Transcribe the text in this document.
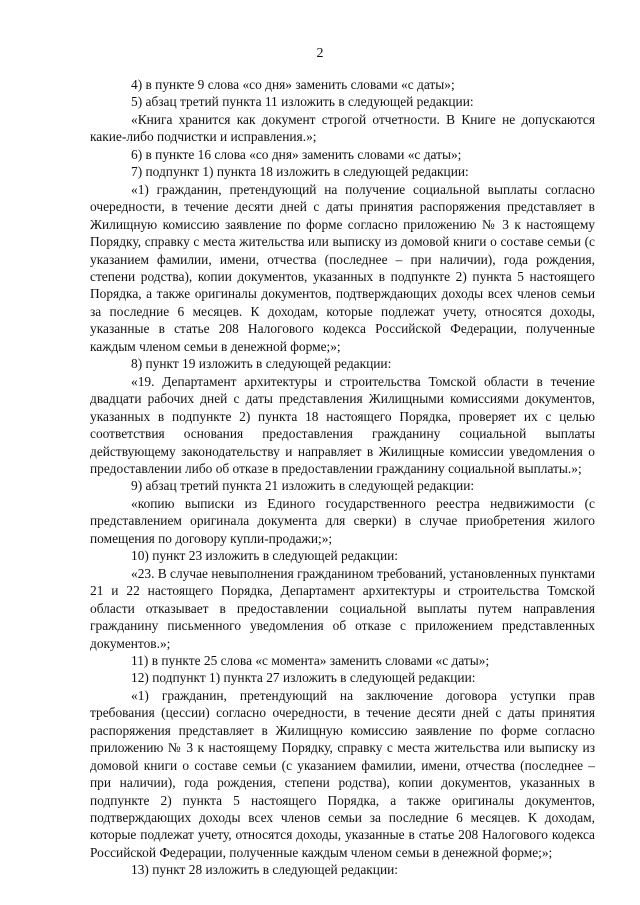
2

4) в пункте 9 слова «со дня» заменить словами «с даты»;

5) абзац третий пункта 11 изложить в следующей редакции:

«Книга хранится как документ строгой отчетности. В Книге не допускаются какие-либо подчистки и исправления.»;

6) в пункте 16 слова «со дня» заменить словами «с даты»;

7) подпункт 1) пункта 18 изложить в следующей редакции:

«1) гражданин, претендующий на получение социальной выплаты согласно очередности, в течение десяти дней с даты принятия распоряжения представляет в Жилищную комиссию заявление по форме согласно приложению № 3 к настоящему Порядку, справку с места жительства или выписку из домовой книги о составе семьи (с указанием фамилии, имени, отчества (последнее – при наличии), года рождения, степени родства), копии документов, указанных в подпункте 2) пункта 5 настоящего Порядка, а также оригиналы документов, подтверждающих доходы всех членов семьи за последние 6 месяцев. К доходам, которые подлежат учету, относятся доходы, указанные в статье 208 Налогового кодекса Российской Федерации, полученные каждым членом семьи в денежной форме;»;

8) пункт 19 изложить в следующей редакции:

«19. Департамент архитектуры и строительства Томской области в течение двадцати рабочих дней с даты представления Жилищными комиссиями документов, указанных в подпункте 2) пункта 18 настоящего Порядка, проверяет их с целью соответствия основания предоставления гражданину социальной выплаты действующему законодательству и направляет в Жилищные комиссии уведомления о предоставлении либо об отказе в предоставлении гражданину социальной выплаты.»;

9) абзац третий пункта 21 изложить в следующей редакции:

«копию выписки из Единого государственного реестра недвижимости (с представлением оригинала документа для сверки) в случае приобретения жилого помещения по договору купли-продажи;»;

10) пункт 23 изложить в следующей редакции:

«23. В случае невыполнения гражданином требований, установленных пунктами 21 и 22 настоящего Порядка, Департамент архитектуры и строительства Томской области отказывает в предоставлении социальной выплаты путем направления гражданину письменного уведомления об отказе с приложением представленных документов.»;

11) в пункте 25 слова «с момента» заменить словами «с даты»;

12) подпункт 1) пункта 27 изложить в следующей редакции:

«1) гражданин, претендующий на заключение договора уступки прав требования (цессии) согласно очередности, в течение десяти дней с даты принятия распоряжения представляет в Жилищную комиссию заявление по форме согласно приложению № 3 к настоящему Порядку, справку с места жительства или выписку из домовой книги о составе семьи (с указанием фамилии, имени, отчества (последнее – при наличии), года рождения, степени родства), копии документов, указанных в подпункте 2) пункта 5 настоящего Порядка, а также оригиналы документов, подтверждающих доходы всех членов семьи за последние 6 месяцев. К доходам, которые подлежат учету, относятся доходы, указанные в статье 208 Налогового кодекса Российской Федерации, полученные каждым членом семьи в денежной форме;»;

13) пункт 28 изложить в следующей редакции:
